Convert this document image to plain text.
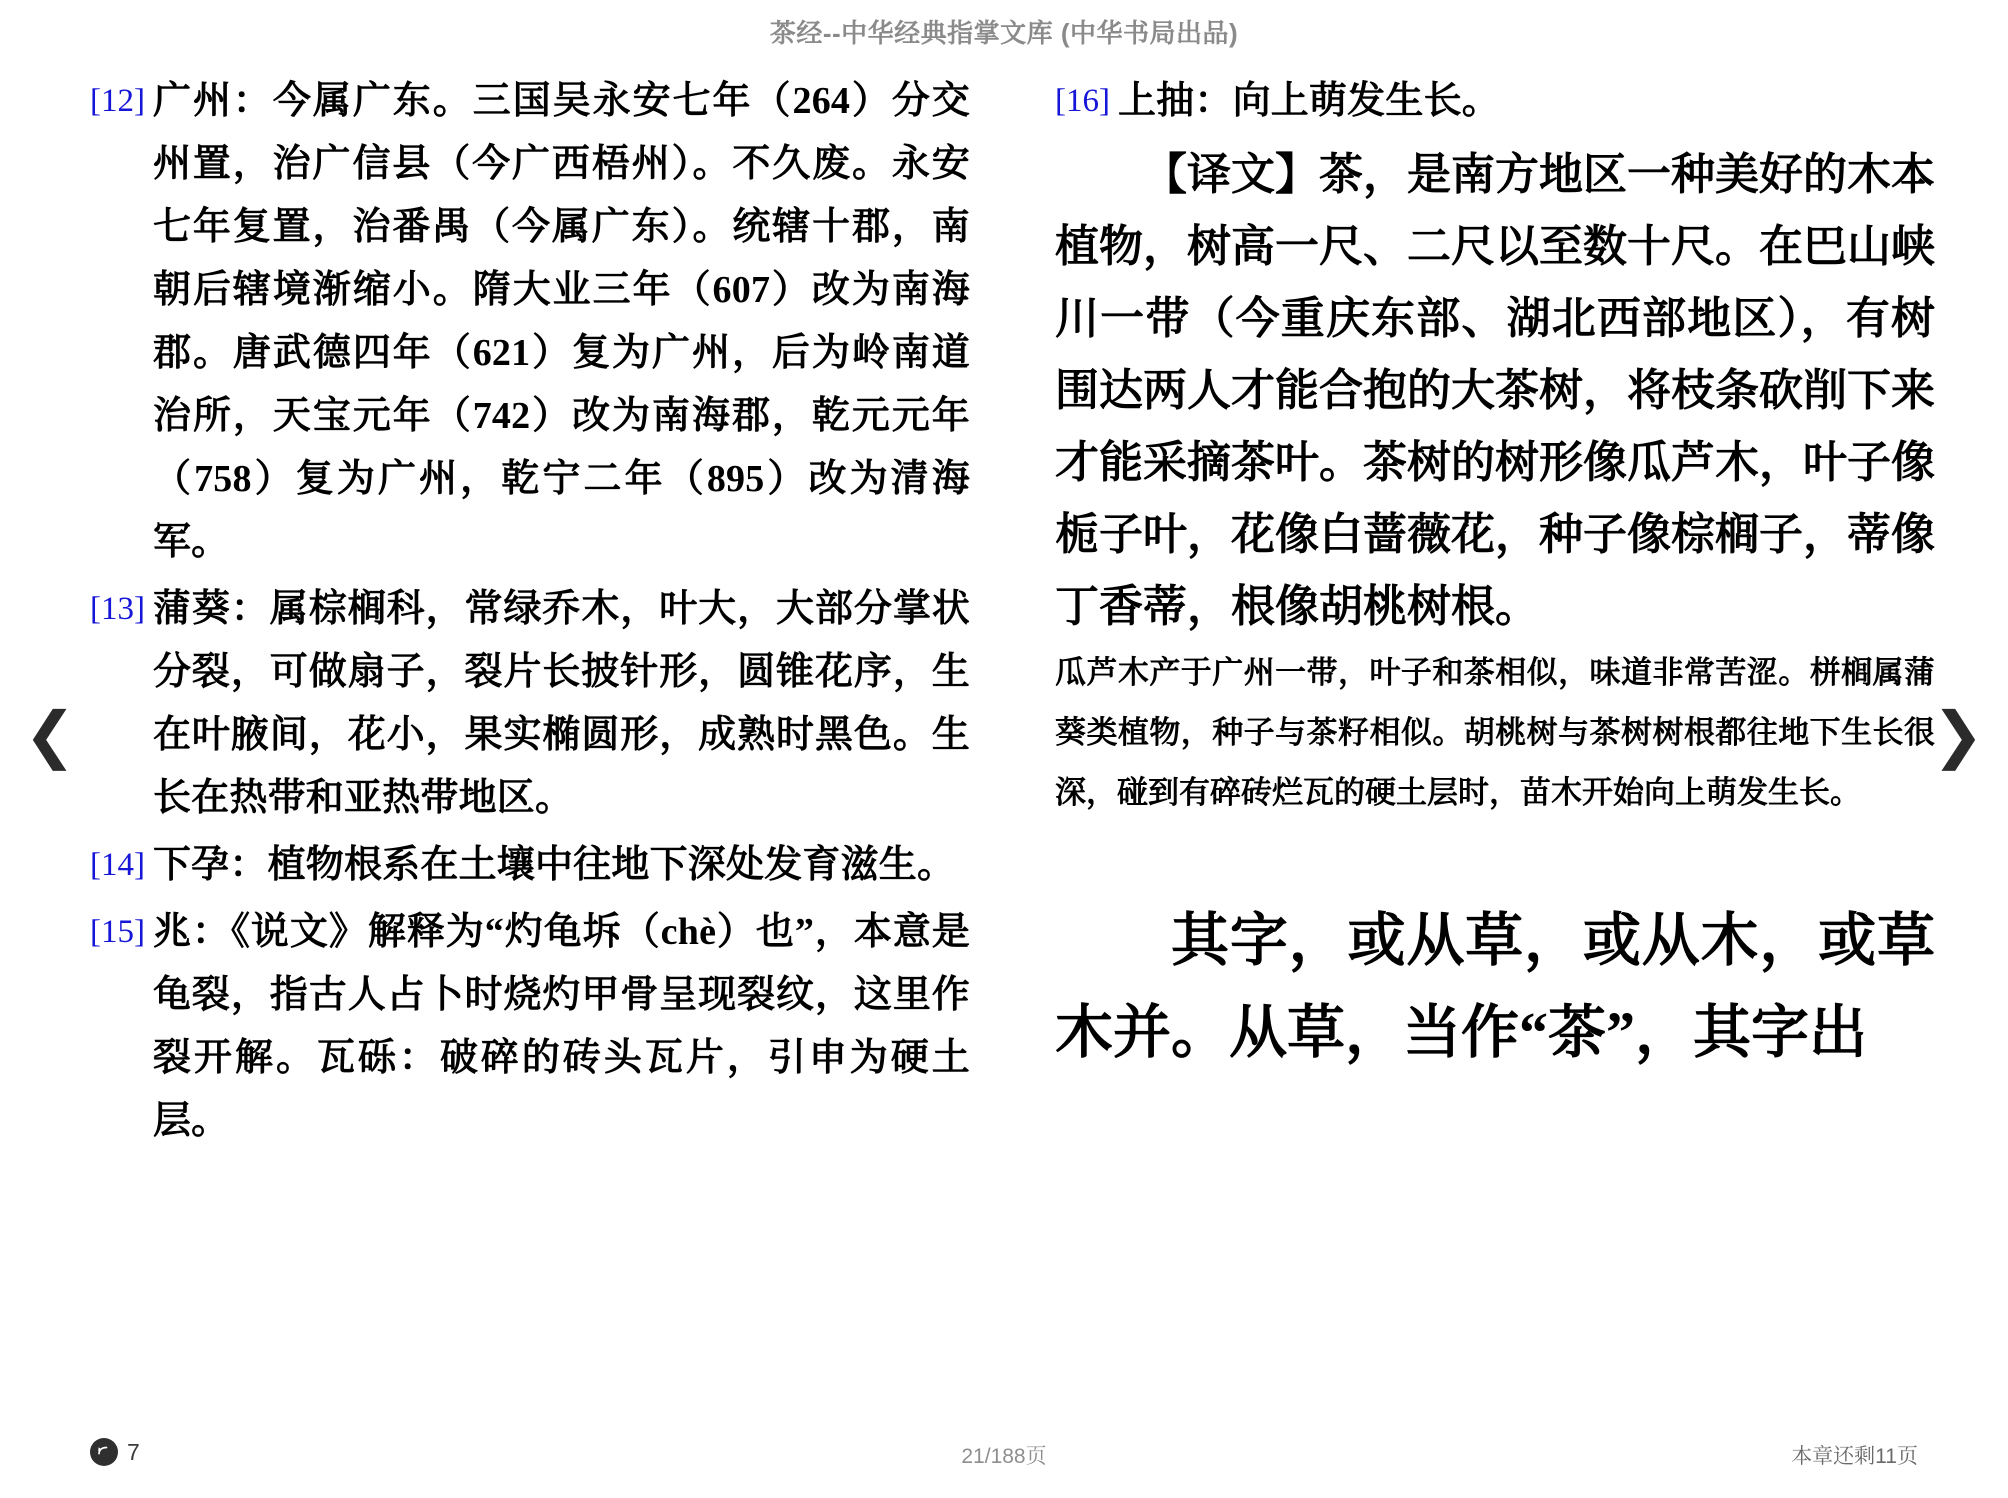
茶经--中华经典指掌文库 (中华书局出品)
❮	❯
[12] 广州：今属广东。三国吴永安七年（264）分交州置，治广信县（今广西梧州）。不久废。永安七年复置，治番禺（今属广东）。统辖十郡，南朝后辖境渐缩小。隋大业三年（607）改为南海郡。唐武德四年（621）复为广州，后为岭南道治所，天宝元年（742）改为南海郡，乾元元年（758）复为广州，乾宁二年（895）改为清海军。
[13] 蒲葵：属棕榈科，常绿乔木，叶大，大部分掌状分裂，可做扇子，裂片长披针形，圆锥花序，生在叶腋间，花小，果实椭圆形，成熟时黑色。生长在热带和亚热带地区。
[14] 下孕：植物根系在土壤中往地下深处发育滋生。
[15] 兆：《说文》解释为“灼龟坼（chè）也”，本意是龟裂，指古人占卜时烧灼甲骨呈现裂纹，这里作裂开解。瓦砾：破碎的砖头瓦片，引申为硬土层。
[16] 上抽：向上萌发生长。
【译文】茶，是南方地区一种美好的木本植物，树高一尺、二尺以至数十尺。在巴山峡川一带（今重庆东部、湖北西部地区），有树围达两人才能合抱的大茶树，将枝条砍削下来才能采摘茶叶。茶树的树形像瓜芦木，叶子像栀子叶，花像白蔷薇花，种子像棕榈子，蒂像丁香蒂，根像胡桃树根。
瓜芦木产于广州一带，叶子和茶相似，味道非常苦涩。栟榈属蒲葵类植物，种子与茶籽相似。胡桃树与茶树树根都往地下生长很深，碰到有碎砖烂瓦的硬土层时，苗木开始向上萌发生长。
其字，或从草，或从木，或草木并。从草，当作“茶”，其字出
7	21/188页	本章还剩11页
